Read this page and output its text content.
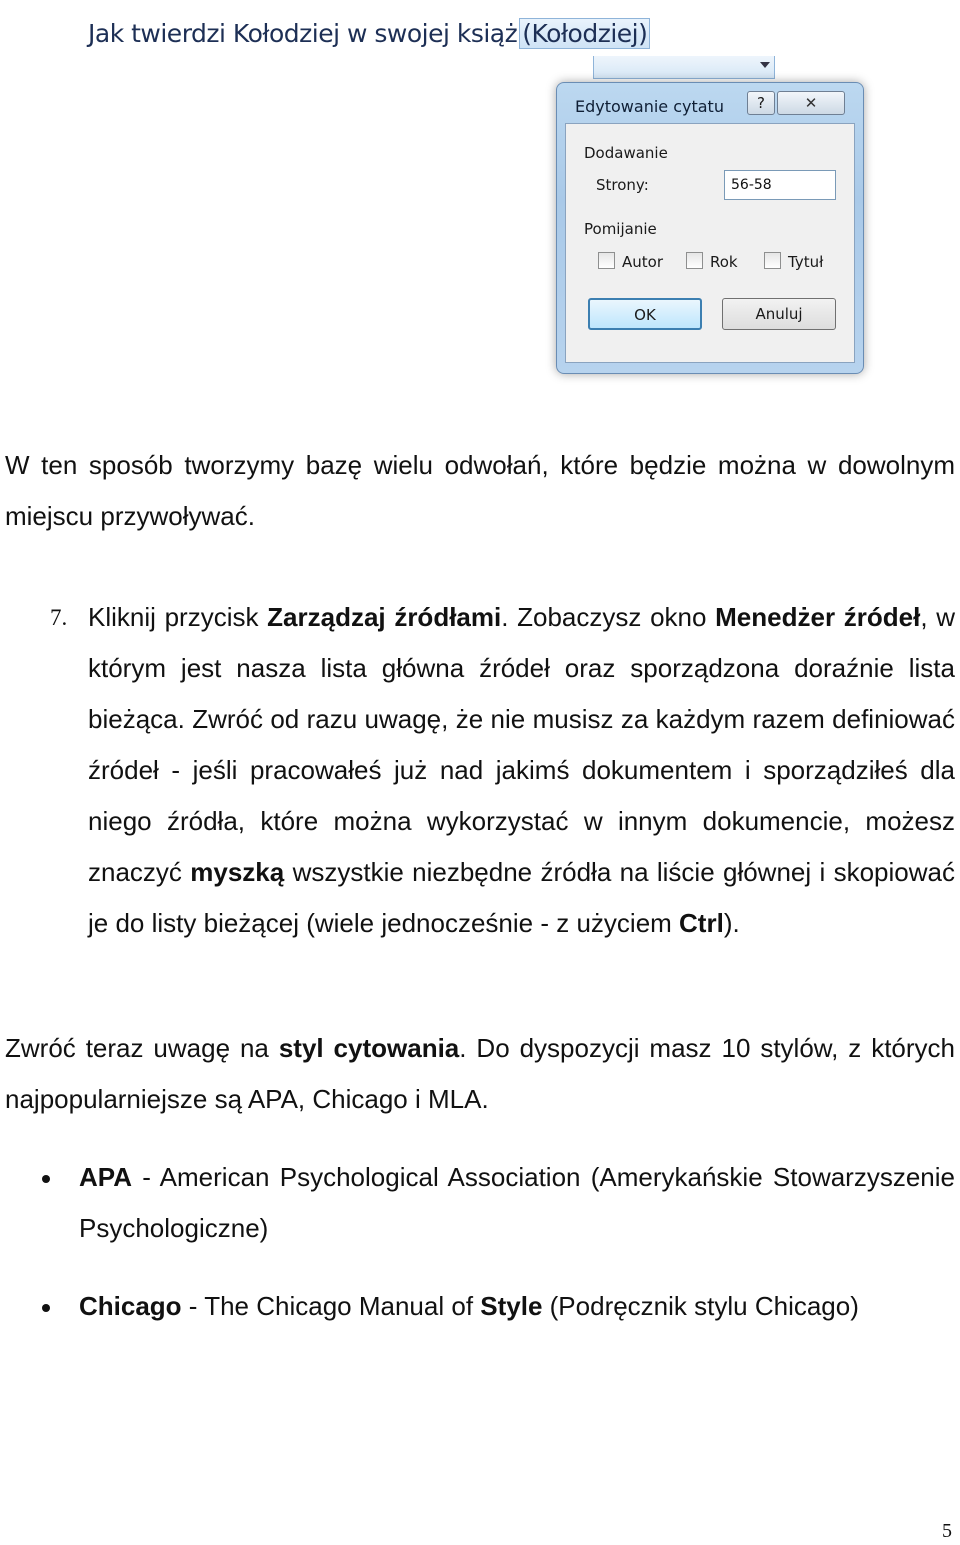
Jak twierdzi Kołodziej w swojej książ (Kołodziej)
Edytowanie cytatu	?	✕
Dodawanie
Strony:
56-58
Pomijanie
Autor	Rok	Tytuł
OK	Anuluj
W ten sposób tworzymy bazę wielu odwołań, które będzie można w dowolnym miejscu przywoływać.
7. Kliknij przycisk Zarządzaj źródłami. Zobaczysz okno Menedżer źródeł, w którym jest nasza lista główna źródeł oraz sporządzona doraźnie lista bieżąca. Zwróć od razu uwagę, że nie musisz za każdym razem definiować źródeł - jeśli pracowałeś już nad jakimś dokumentem i sporządziłeś dla niego źródła, które można wykorzystać w innym dokumencie, możesz znaczyć myszką wszystkie niezbędne źródła na liście głównej i skopiować je do listy bieżącej (wiele jednocześnie - z użyciem Ctrl).
Zwróć teraz uwagę na styl cytowania. Do dyspozycji masz 10 stylów, z których najpopularniejsze są APA, Chicago i MLA.
APA - American Psychological Association (Amerykańskie Stowarzyszenie Psychologiczne)
Chicago - The Chicago Manual of Style (Podręcznik stylu Chicago)
5
